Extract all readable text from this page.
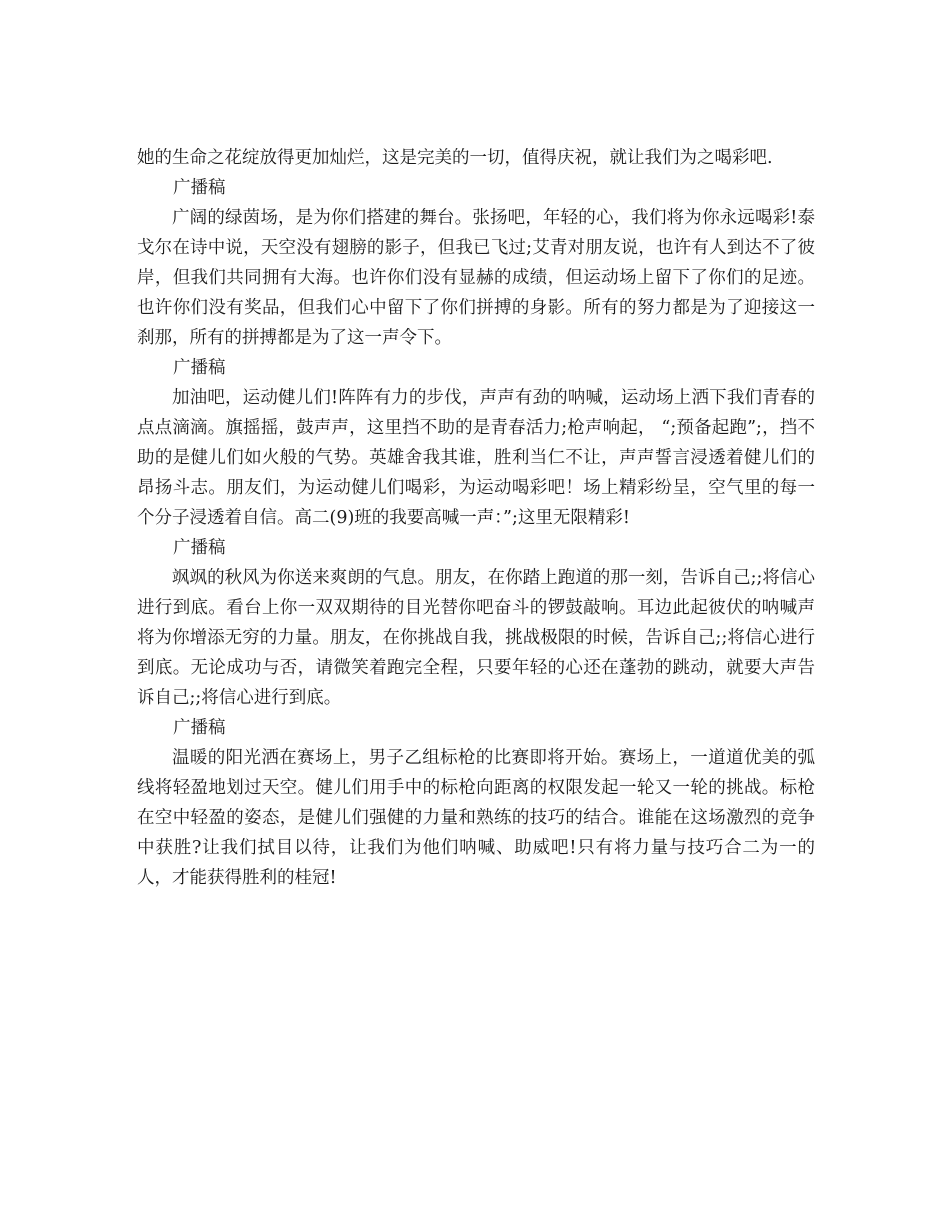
她的生命之花绽放得更加灿烂，这是完美的一切，值得庆祝，就让我们为之喝彩吧.

广播稿

广阔的绿茵场，是为你们搭建的舞台。张扬吧，年轻的心，我们将为你永远喝彩!泰戈尔在诗中说，天空没有翅膀的影子，但我已飞过;艾青对朋友说，也许有人到达不了彼岸，但我们共同拥有大海。也许你们没有显赫的成绩，但运动场上留下了你们的足迹。也许你们没有奖品，但我们心中留下了你们拼搏的身影。所有的努力都是为了迎接这一刹那，所有的拼搏都是为了这一声令下。

广播稿

加油吧，运动健儿们!阵阵有力的步伐，声声有劲的呐喊，运动场上洒下我们青春的点点滴滴。旗摇摇，鼓声声，这里挡不助的是青春活力;枪声响起， “;预备起跑”;，挡不助的是健儿们如火般的气势。英雄舍我其谁，胜利当仁不让，声声誓言浸透着健儿们的昂扬斗志。朋友们，为运动健儿们喝彩，为运动喝彩吧！场上精彩纷呈，空气里的每一个分子浸透着自信。高二(9)班的我要高喊一声：”;这里无限精彩!

广播稿

飒飒的秋风为你送来爽朗的气息。朋友，在你踏上跑道的那一刻，告诉自己;;将信心进行到底。看台上你一双双期待的目光替你吧奋斗的锣鼓敲响。耳边此起彼伏的呐喊声将为你增添无穷的力量。朋友，在你挑战自我，挑战极限的时候，告诉自己;;将信心进行到底。无论成功与否，请微笑着跑完全程，只要年轻的心还在蓬勃的跳动，就要大声告诉自己;;将信心进行到底。

广播稿

温暖的阳光洒在赛场上，男子乙组标枪的比赛即将开始。赛场上，一道道优美的弧线将轻盈地划过天空。健儿们用手中的标枪向距离的权限发起一轮又一轮的挑战。标枪在空中轻盈的姿态，是健儿们强健的力量和熟练的技巧的结合。谁能在这场激烈的竞争中获胜?让我们拭目以待，让我们为他们呐喊、助威吧!只有将力量与技巧合二为一的人，才能获得胜利的桂冠!
